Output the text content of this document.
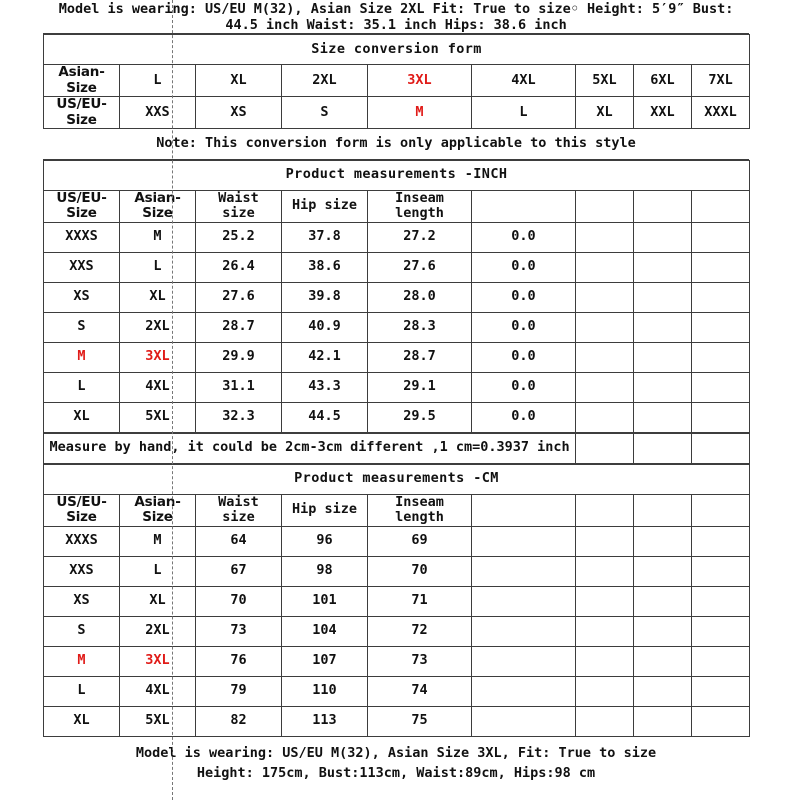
Model is wearing: US/EU M(32), Asian Size 2XL Fit: True to size◦ Height: 5′9″ Bust:
44.5 inch Waist: 35.1 inch Hips: 38.6 inch
Size conversion form								
Asian-Size	L	XL	2XL	3XL	4XL	5XL	6XL	7XL
US/EU-Size	XXS	XS	S	M	L	XL	XXL	XXXL
Note: This conversion form is only applicable to this style
Product measurements -INCH								
US/EU-Size	Asian-Size	Waist size	Hip size	Inseam length				
XXXS	M	25.2	37.8	27.2	0.0			
XXS	L	26.4	38.6	27.6	0.0			
XS	XL	27.6	39.8	28.0	0.0			
S	2XL	28.7	40.9	28.3	0.0			
M	3XL	29.9	42.1	28.7	0.0			
L	4XL	31.1	43.3	29.1	0.0			
XL	5XL	32.3	44.5	29.5	0.0			
Measure by hand, it could be 2cm-3cm different ,1 cm=0.3937 inch			
Product measurements -CM								
US/EU-Size	Asian-Size	Waist size	Hip size	Inseam length				
XXXS	M	64	96	69				
XXS	L	67	98	70				
XS	XL	70	101	71				
S	2XL	73	104	72				
M	3XL	76	107	73				
L	4XL	79	110	74				
XL	5XL	82	113	75				
Model is wearing: US/EU M(32), Asian Size 3XL, Fit: True to size
Height: 175cm, Bust:113cm, Waist:89cm, Hips:98 cm
